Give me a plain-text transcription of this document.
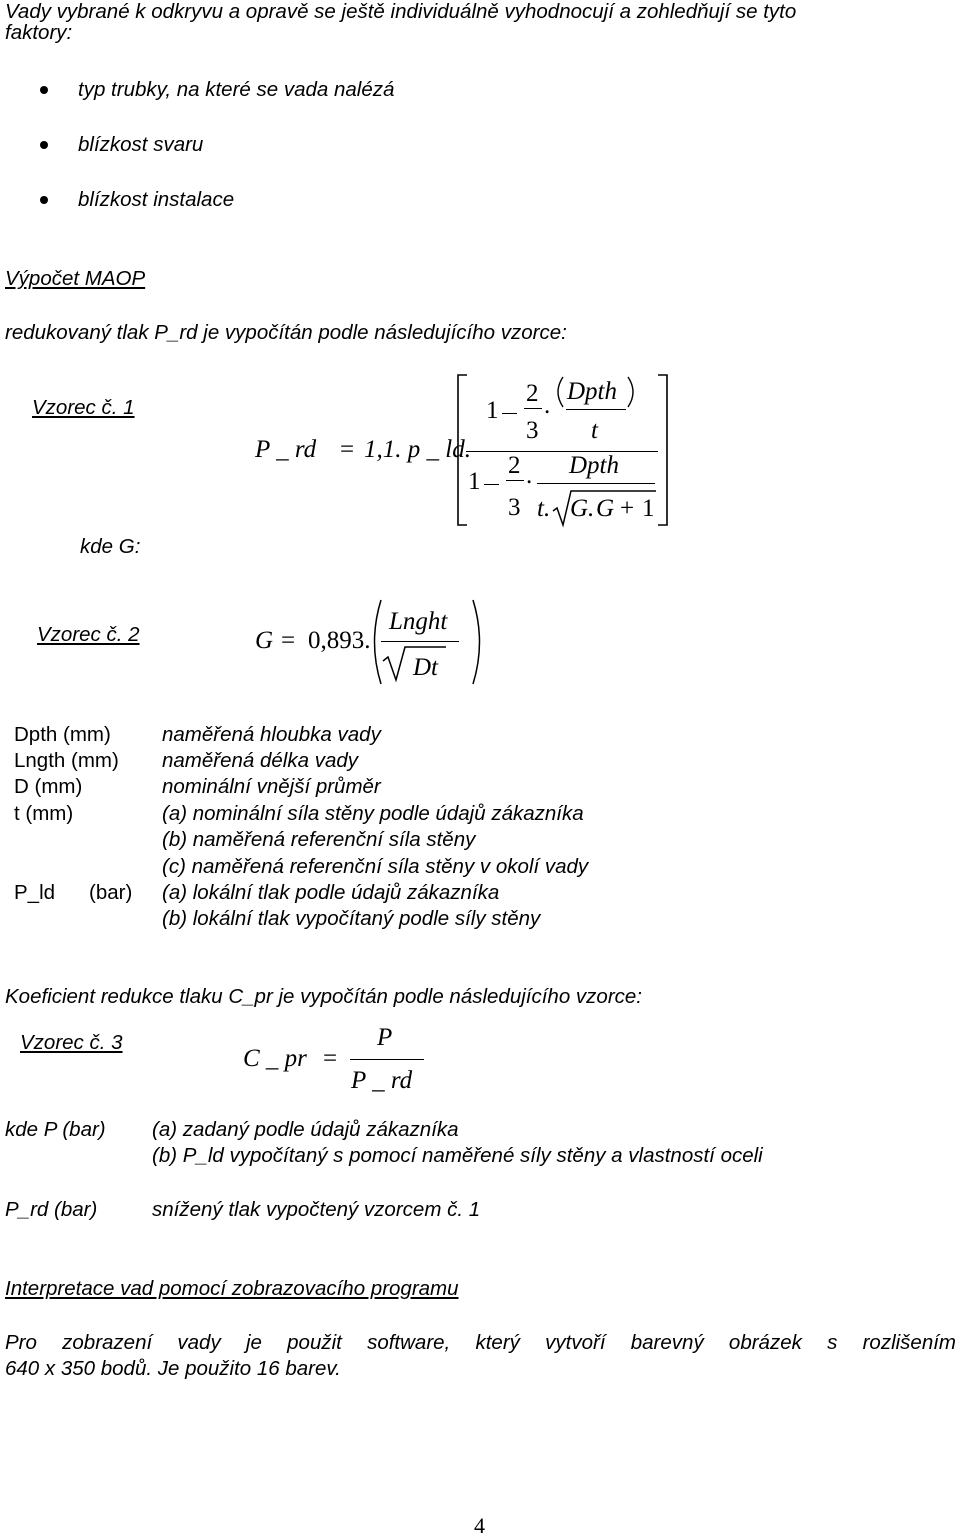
Vady vybrané k odkryvu a opravě se ještě individuálně vyhodnocují a zohledňují se tyto
faktory:
typ trubky, na které se vada nalézá
blízkost svaru
blízkost instalace
Výpočet MAOP
redukovaný tlak P_rd je vypočítán podle následujícího vzorce:
Vzorec č. 1
kde G:
P _ rd = 1,1. p _ ld.
1
2
3
.
Dpth
t
1
2
3
. Dpth
t. G. G + 1
Vzorec č. 2	G = 0,893.
Lnght
Dt
Dpth (mm) naměřená hloubka vady
Lngth (mm) naměřená délka vady
D (mm)	nominální vnější průměr
t (mm)	(a) nominální síla stěny podle údajů zákazníka
(b) naměřená referenční síla stěny
(c) naměřená referenční síla stěny v okolí vady
P_ld (bar) (a) lokální tlak podle údajů zákazníka
(b) lokální tlak vypočítaný podle síly stěny
Koeficient redukce tlaku C_pr je vypočítán podle následujícího vzorce:
Vzorec č. 3
C _ pr =
P
P _ rd
kde P (bar) (a) zadaný podle údajů zákazníka
(b) P_ld vypočítaný s pomocí naměřené síly stěny a vlastností oceli
P_rd (bar)	snížený tlak vypočtený vzorcem č. 1
Interpretace vad pomocí zobrazovacího programu
Pro zobrazení vady je použit software, který vytvoří barevný obrázek s rozlišením
640 x 350 bodů. Je použito 16 barev.
4
